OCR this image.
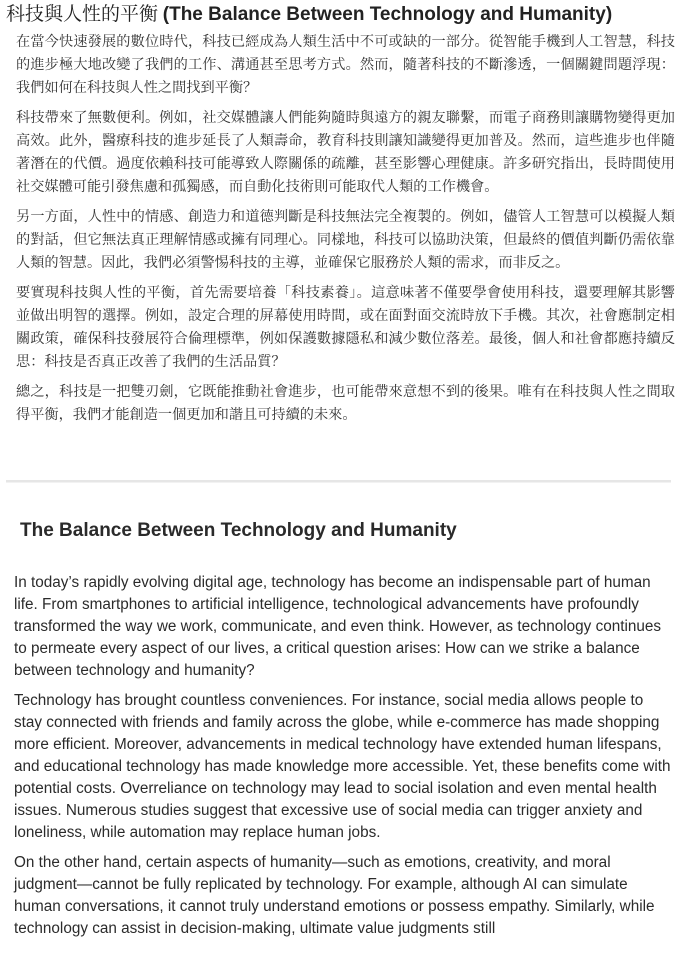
科技與人性的平衡 (The Balance Between Technology and Humanity)

在當今快速發展的數位時代，科技已經成為人類生活中不可或缺的一部分。從智能手機到人工智慧，科技的進步極大地改變了我們的工作、溝通甚至思考方式。然而，隨著科技的不斷滲透，一個關鍵問題浮現：我們如何在科技與人性之間找到平衡？

科技帶來了無數便利。例如，社交媒體讓人們能夠隨時與遠方的親友聯繫，而電子商務則讓購物變得更加高效。此外，醫療科技的進步延長了人類壽命，教育科技則讓知識變得更加普及。然而，這些進步也伴隨著潛在的代價。過度依賴科技可能導致人際關係的疏離，甚至影響心理健康。許多研究指出，長時間使用社交媒體可能引發焦慮和孤獨感，而自動化技術則可能取代人類的工作機會。

另一方面，人性中的情感、創造力和道德判斷是科技無法完全複製的。例如，儘管人工智慧可以模擬人類的對話，但它無法真正理解情感或擁有同理心。同樣地，科技可以協助決策，但最終的價值判斷仍需依靠人類的智慧。因此，我們必須警惕科技的主導，並確保它服務於人類的需求，而非反之。

要實現科技與人性的平衡，首先需要培養「科技素養」。這意味著不僅要學會使用科技，還要理解其影響並做出明智的選擇。例如，設定合理的屏幕使用時間，或在面對面交流時放下手機。其次，社會應制定相關政策，確保科技發展符合倫理標準，例如保護數據隱私和減少數位落差。最後，個人和社會都應持續反思：科技是否真正改善了我們的生活品質？

總之，科技是一把雙刃劍，它既能推動社會進步，也可能帶來意想不到的後果。唯有在科技與人性之間取得平衡，我們才能創造一個更加和諧且可持續的未來。

The Balance Between Technology and Humanity

In today’s rapidly evolving digital age, technology has become an indispensable part of human life. From smartphones to artificial intelligence, technological advancements have profoundly transformed the way we work, communicate, and even think. However, as technology continues to permeate every aspect of our lives, a critical question arises: How can we strike a balance between technology and humanity?

Technology has brought countless conveniences. For instance, social media allows people to stay connected with friends and family across the globe, while e-commerce has made shopping more efficient. Moreover, advancements in medical technology have extended human lifespans, and educational technology has made knowledge more accessible. Yet, these benefits come with potential costs. Overreliance on technology may lead to social isolation and even mental health issues. Numerous studies suggest that excessive use of social media can trigger anxiety and loneliness, while automation may replace human jobs.

On the other hand, certain aspects of humanity—such as emotions, creativity, and moral judgment—cannot be fully replicated by technology. For example, although AI can simulate human conversations, it cannot truly understand emotions or possess empathy. Similarly, while technology can assist in decision-making, ultimate value judgments still
